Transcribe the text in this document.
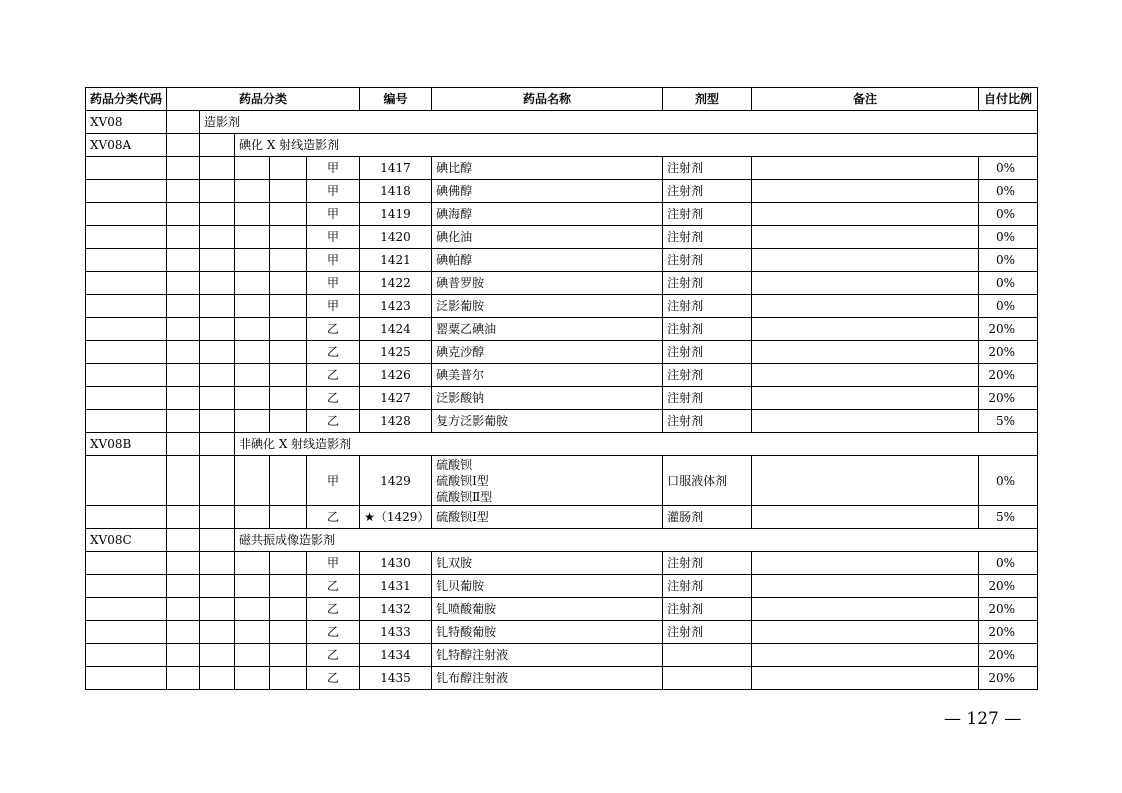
药品分类代码	药品分类					编号	药品名称	剂型	备注	自付比例
XV08		造影剂								
XV08A			碘化 X 射线造影剂							
					甲	1417	碘比醇	注射剂		0%
					甲	1418	碘佛醇	注射剂		0%
					甲	1419	碘海醇	注射剂		0%
					甲	1420	碘化油	注射剂		0%
					甲	1421	碘帕醇	注射剂		0%
					甲	1422	碘普罗胺	注射剂		0%
					甲	1423	泛影葡胺	注射剂		0%
					乙	1424	罂粟乙碘油	注射剂		20%
					乙	1425	碘克沙醇	注射剂		20%
					乙	1426	碘美普尔	注射剂		20%
					乙	1427	泛影酸钠	注射剂		20%
					乙	1428	复方泛影葡胺	注射剂		5%
XV08B			非碘化 X 射线造影剂							
					甲	1429	硫酸钡
硫酸钡Ⅰ型
硫酸钡Ⅱ型	口服液体剂		0%
					乙	★（1429）	硫酸钡Ⅰ型	灌肠剂		5%
XV08C			磁共振成像造影剂							
					甲	1430	钆双胺	注射剂		0%
					乙	1431	钆贝葡胺	注射剂		20%
					乙	1432	钆喷酸葡胺	注射剂		20%
					乙	1433	钆特酸葡胺	注射剂		20%
					乙	1434	钆特醇注射液			20%
					乙	1435	钆布醇注射液			20%
— 127 —
